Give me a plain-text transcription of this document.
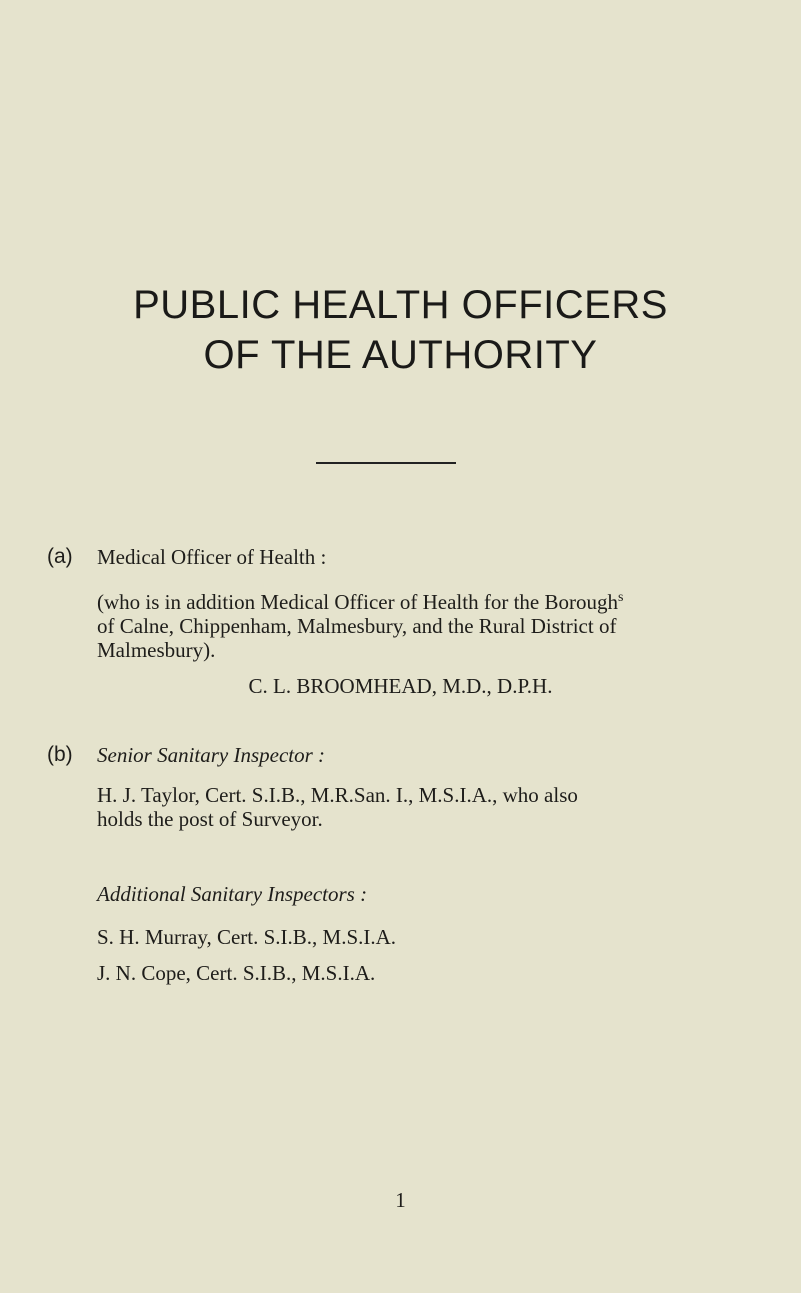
PUBLIC HEALTH OFFICERS
OF THE AUTHORITY
(a) Medical Officer of Health :
(who is in addition Medical Officer of Health for the Borough$^s$
of Calne, Chippenham, Malmesbury, and the Rural District of
Malmesbury).
C. L. BROOMHEAD, M.D., D.P.H.
(b) Senior Sanitary Inspector :
H. J. Taylor, Cert. S.I.B., M.R.San. I., M.S.I.A., who also
holds the post of Surveyor.
Additional Sanitary Inspectors :
S. H. Murray, Cert. S.I.B., M.S.I.A.
J. N. Cope, Cert. S.I.B., M.S.I.A.
1
